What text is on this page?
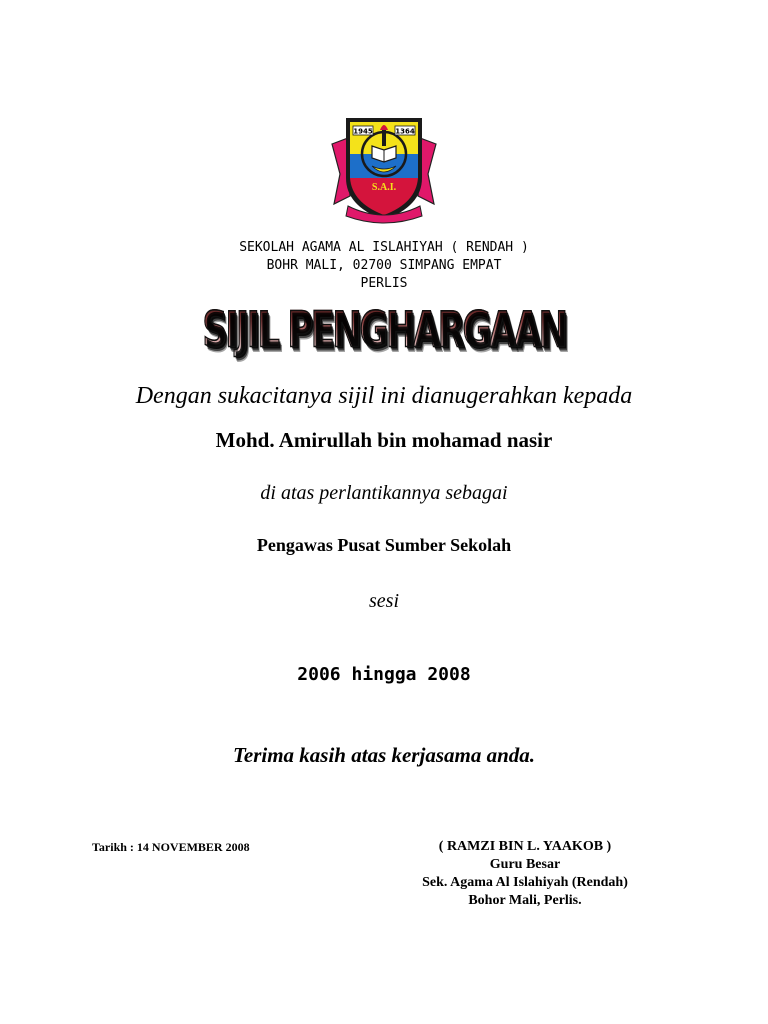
1945	1364
S.A.I.
SEKOLAH AGAMA AL ISLAHIYAH ( RENDAH )
BOHR MALI, 02700 SIMPANG EMPAT
PERLIS
SIJIL PENGHARGAAN
Dengan sukacitanya sijil ini dianugerahkan kepada
Mohd. Amirullah bin mohamad nasir
di atas perlantikannya sebagai
Pengawas Pusat Sumber Sekolah
sesi
2006 hingga 2008
Terima kasih atas kerjasama anda.
Tarikh : 14 NOVEMBER 2008	( RAMZI BIN L. YAAKOB )
Guru Besar
Sek. Agama Al Islahiyah (Rendah)
Bohor Mali, Perlis.
